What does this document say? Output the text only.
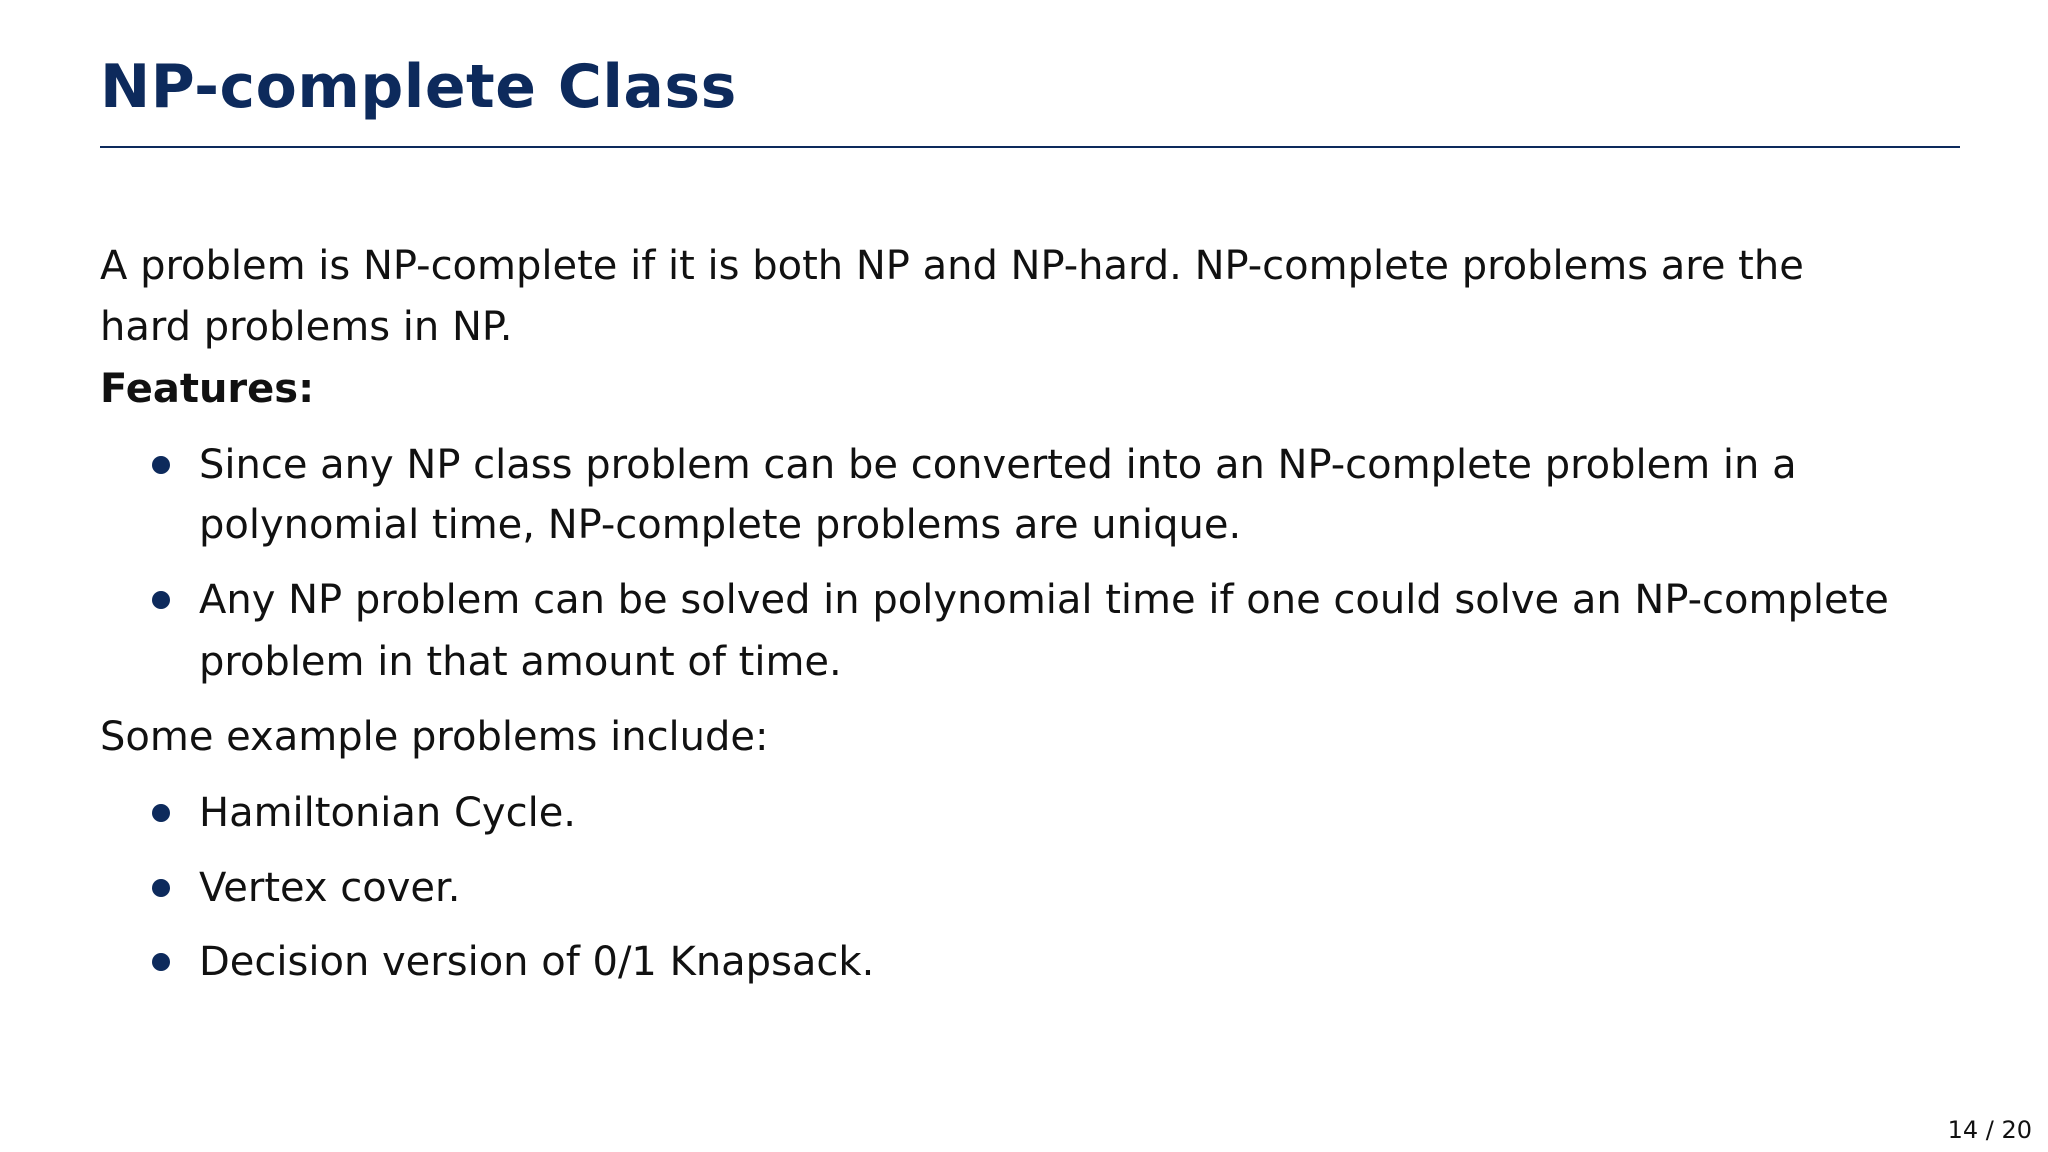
NP-complete Class
A problem is NP-complete if it is both NP and NP-hard. NP-complete problems are the
hard problems in NP.
Features:
Since any NP class problem can be converted into an NP-complete problem in a
polynomial time, NP-complete problems are unique.
Any NP problem can be solved in polynomial time if one could solve an NP-complete
problem in that amount of time.
Some example problems include:
Hamiltonian Cycle.
Vertex cover.
Decision version of 0/1 Knapsack.
14 / 20
